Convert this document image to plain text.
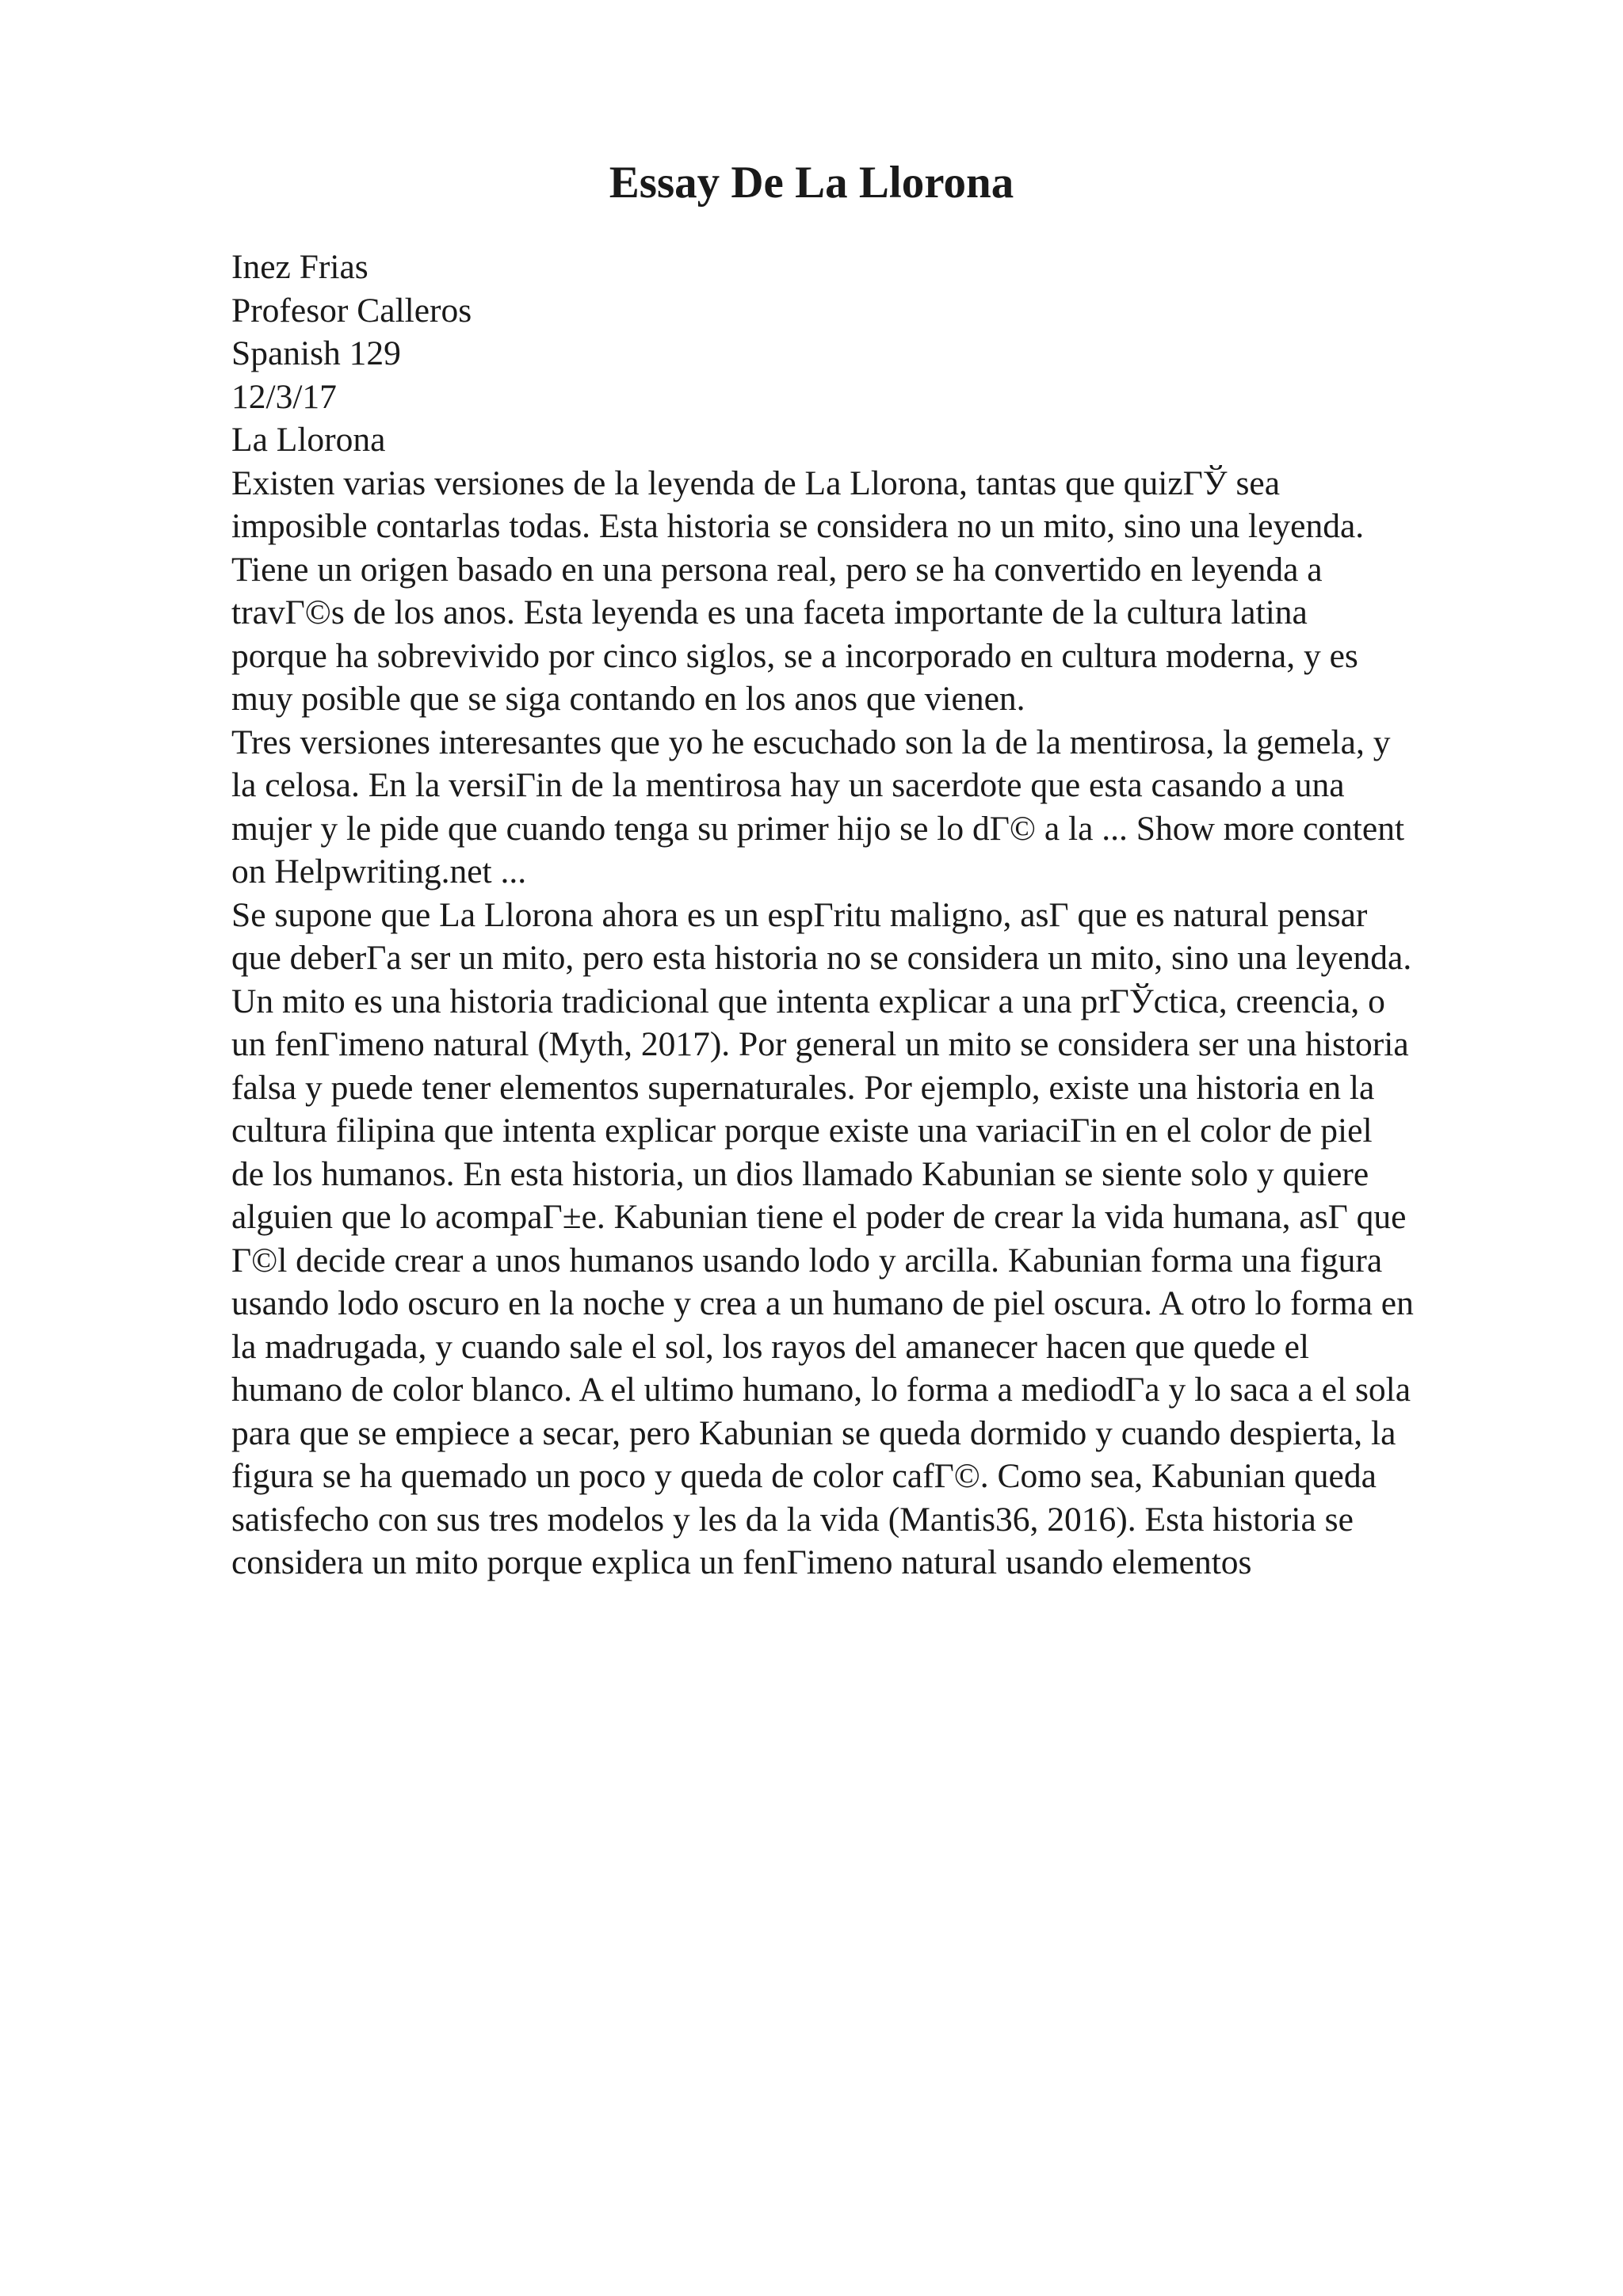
Essay De La Llorona
Inez Frias
Profesor Calleros
Spanish 129
12/3/17
La Llorona
Existen varias versiones de la leyenda de La Llorona, tantas que quizГЎ sea
imposible contarlas todas. Esta historia se considera no un mito, sino una leyenda.
Tiene un origen basado en una persona real, pero se ha convertido en leyenda a
travГ©s de los anos. Esta leyenda es una faceta importante de la cultura latina
porque ha sobrevivido por cinco siglos, se a incorporado en cultura moderna, y es
muy posible que se siga contando en los anos que vienen.
Tres versiones interesantes que yo he escuchado son la de la mentirosa, la gemela, y
la celosa. En la versiГіn de la mentirosa hay un sacerdote que esta casando a una
mujer y le pide que cuando tenga su primer hijo se lo dГ© a la ... Show more content
on Helpwriting.net ...
Se supone que La Llorona ahora es un espГritu maligno, asГ que es natural pensar
que deberГa ser un mito, pero esta historia no se considera un mito, sino una leyenda.
Un mito es una historia tradicional que intenta explicar a una prГЎctica, creencia, o
un fenГіmeno natural (Myth, 2017). Por general un mito se considera ser una historia
falsa y puede tener elementos supernaturales. Por ejemplo, existe una historia en la
cultura filipina que intenta explicar porque existe una variaciГіn en el color de piel
de los humanos. En esta historia, un dios llamado Kabunian se siente solo y quiere
alguien que lo acompaГ±e. Kabunian tiene el poder de crear la vida humana, asГ que
Г©l decide crear a unos humanos usando lodo y arcilla. Kabunian forma una figura
usando lodo oscuro en la noche y crea a un humano de piel oscura. A otro lo forma en
la madrugada, y cuando sale el sol, los rayos del amanecer hacen que quede el
humano de color blanco. A el ultimo humano, lo forma a mediodГa y lo saca a el sola
para que se empiece a secar, pero Kabunian se queda dormido y cuando despierta, la
figura se ha quemado un poco y queda de color cafГ©. Como sea, Kabunian queda
satisfecho con sus tres modelos y les da la vida (Mantis36, 2016). Esta historia se
considera un mito porque explica un fenГіmeno natural usando elementos
